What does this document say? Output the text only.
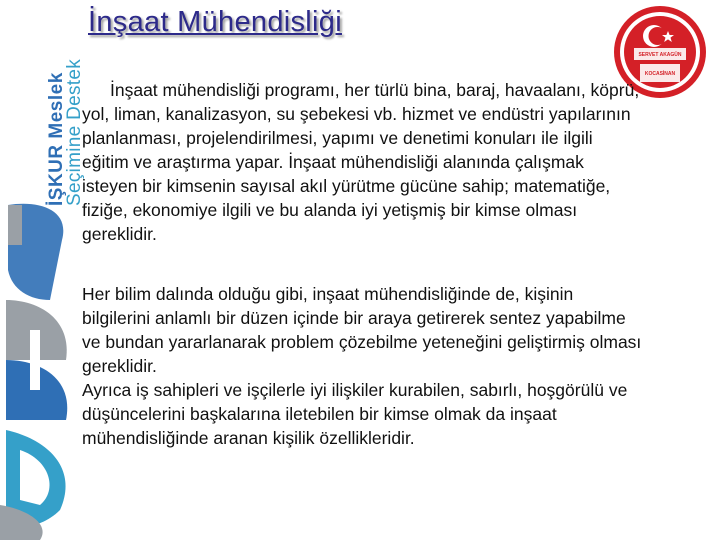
İŞKUR Meslek
Seçimine Destek
İnşaat Mühendisliği
SERVET AKAGÜN
KOCASİNAN

İnşaat mühendisliği programı, her türlü bina, baraj, havaalanı, köprü, yol, liman, kanalizasyon, su şebekesi vb. hizmet ve endüstri yapılarının planlanması, projelendirilmesi, yapımı ve denetimi konuları ile ilgili eğitim ve araştırma yapar. İnşaat mühendisliği alanında çalışmak isteyen bir kimsenin sayısal akıl yürütme gücüne sahip; matematiğe, fiziğe, ekonomiye ilgili ve bu alanda iyi yetişmiş bir kimse olması gereklidir.

Her bilim dalında olduğu gibi, inşaat mühendisliğinde de, kişinin bilgilerini anlamlı bir düzen içinde bir araya getirerek sentez yapabilme ve bundan yararlanarak problem çözebilme yeteneğini geliştirmiş olması gereklidir.

Ayrıca iş sahipleri ve işçilerle iyi ilişkiler kurabilen, sabırlı, hoşgörülü ve düşüncelerini başkalarına iletebilen bir kimse olmak da inşaat mühendisliğinde aranan kişilik özellikleridir.
